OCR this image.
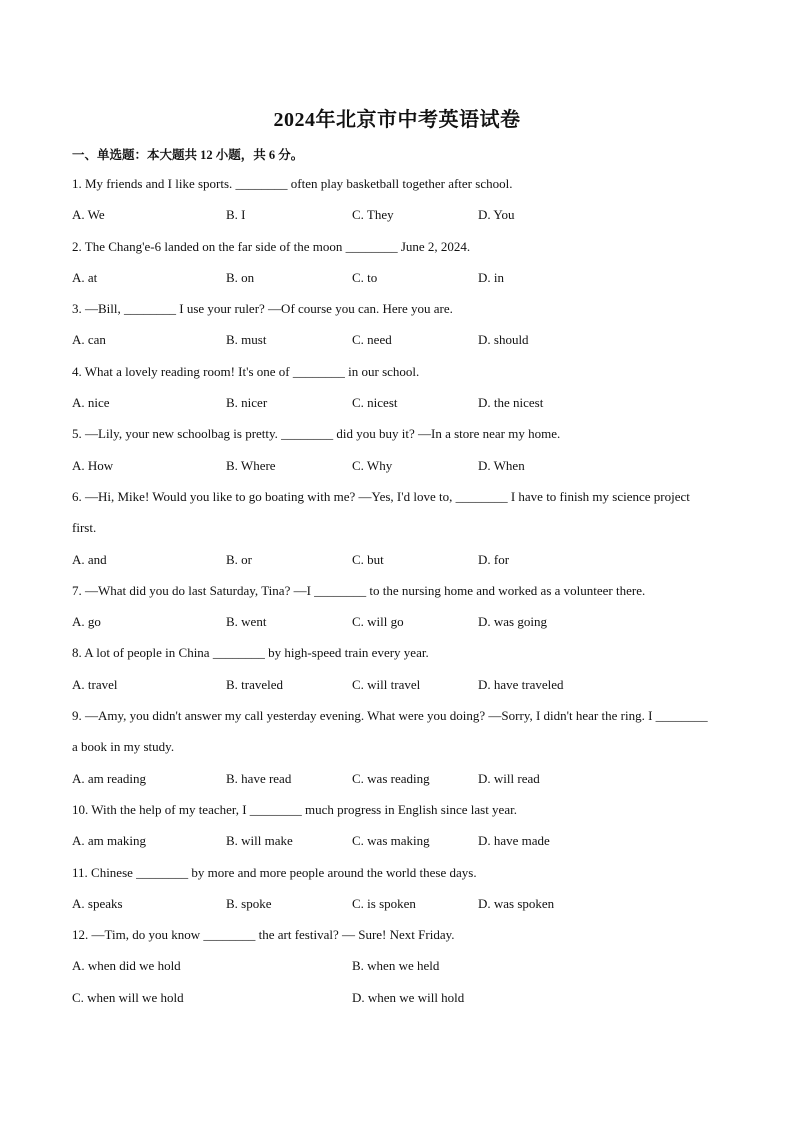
2024年北京市中考英语试卷
一、单选题：本大题共 12 小题，共 6 分。
1. My friends and I like sports. ________ often play basketball together after school.
A. We	B. I	C. They	D. You
2. The Chang'e-6 landed on the far side of the moon ________ June 2, 2024.
A. at	B. on	C. to	D. in
3. —Bill, ________ I use your ruler? —Of course you can. Here you are.
A. can	B. must	C. need	D. should
4. What a lovely reading room! It's one of ________ in our school.
A. nice	B. nicer	C. nicest	D. the nicest
5. —Lily, your new schoolbag is pretty. ________ did you buy it? —In a store near my home.
A. How	B. Where	C. Why	D. When
6. —Hi, Mike! Would you like to go boating with me? —Yes, I'd love to, ________ I have to finish my science project first.
A. and	B. or	C. but	D. for
7. —What did you do last Saturday, Tina? —I ________ to the nursing home and worked as a volunteer there.
A. go	B. went	C. will go	D. was going
8. A lot of people in China ________ by high-speed train every year.
A. travel	B. traveled	C. will travel	D. have traveled
9. —Amy, you didn't answer my call yesterday evening. What were you doing? —Sorry, I didn't hear the ring. I ________ a book in my study.
A. am reading	B. have read	C. was reading	D. will read
10. With the help of my teacher, I ________ much progress in English since last year.
A. am making	B. will make	C. was making	D. have made
11. Chinese ________ by more and more people around the world these days.
A. speaks	B. spoke	C. is spoken	D. was spoken
12. —Tim, do you know ________ the art festival? — Sure! Next Friday.
A. when did we hold	B. when we held
C. when will we hold	D. when we will hold
